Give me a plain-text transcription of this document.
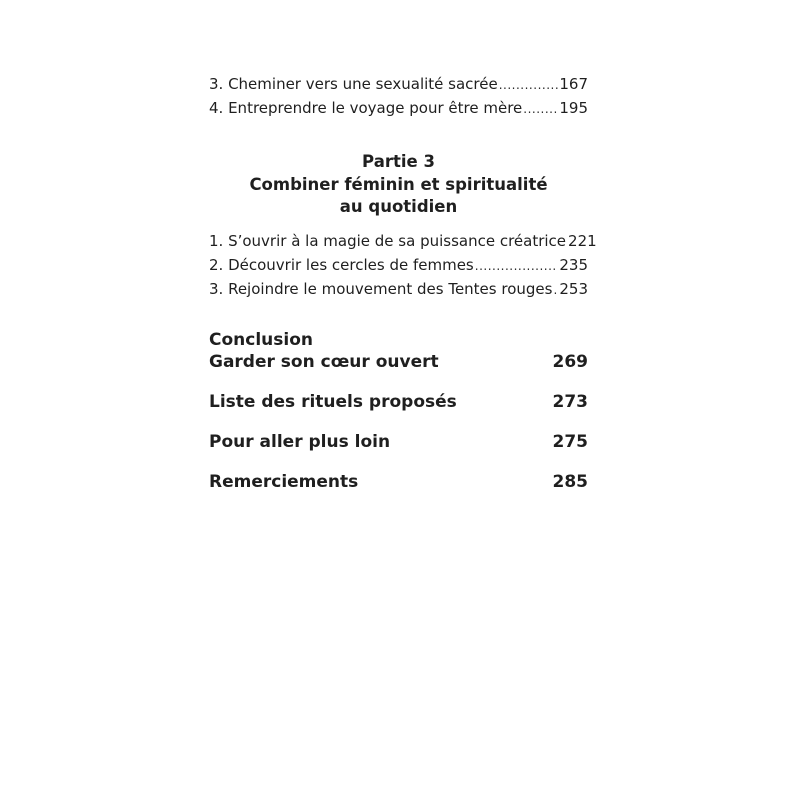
3. Cheminer vers une sexualité sacrée .....	167
4. Entreprendre le voyage pour être mère ..... 195
Partie 3
Combiner féminin et spiritualité
au quotidien
1. S’ouvrir à la magie de sa puissance créatrice 221
2. Découvrir les cercles de femmes .....	235
3. Rejoindre le mouvement des Tentes rouges ..... 253
Conclusion
Garder son cœur ouvert	269
Liste des rituels proposés	273
Pour aller plus loin	275
Remerciements	285
